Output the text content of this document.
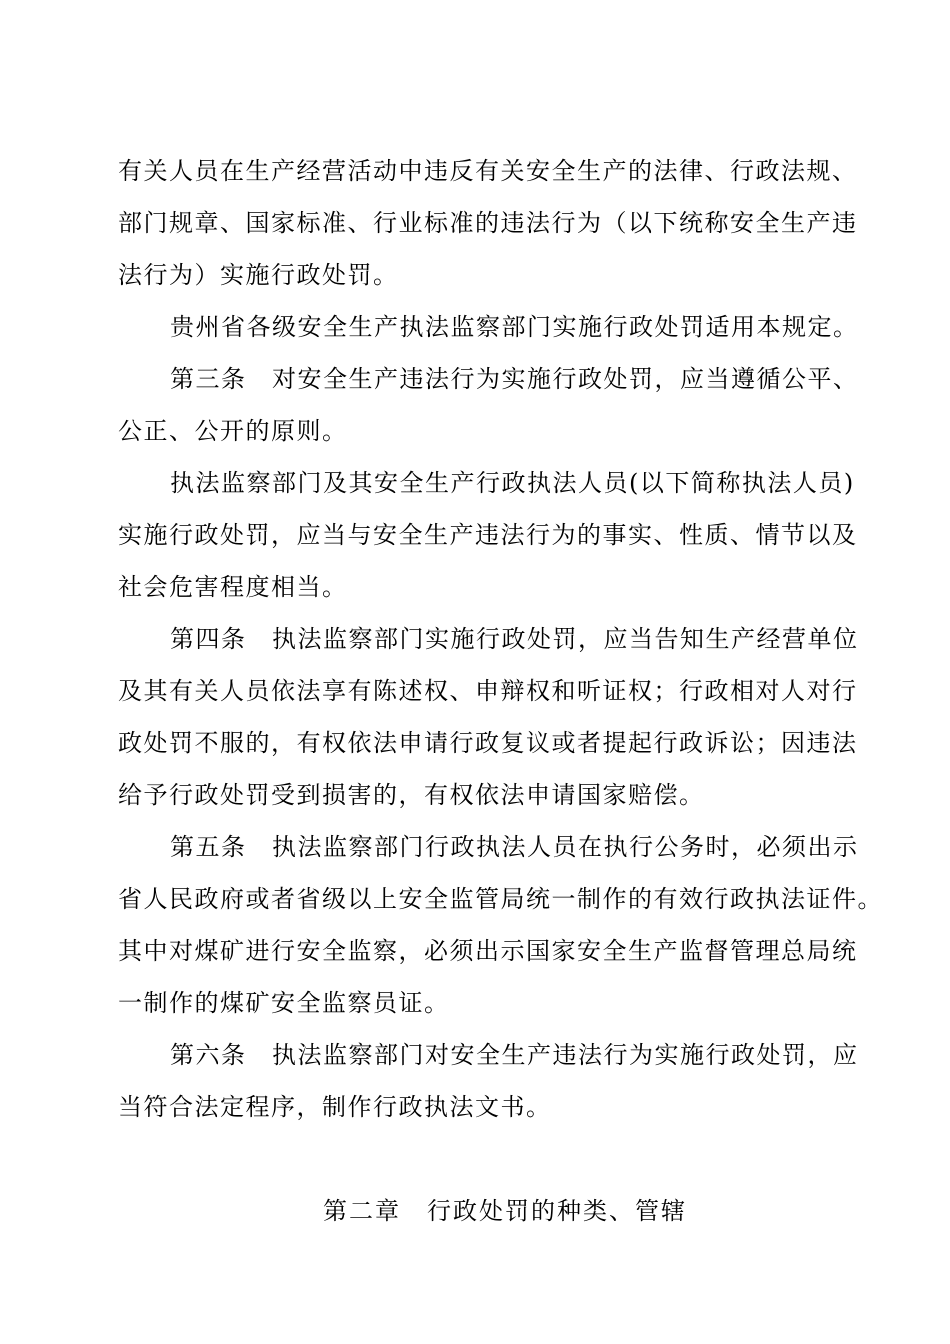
有关人员在生产经营活动中违反有关安全生产的法律、行政法规、
部门规章、国家标准、行业标准的违法行为（以下统称安全生产违
法行为）实施行政处罚。
贵州省各级安全生产执法监察部门实施行政处罚适用本规定。
第三条　对安全生产违法行为实施行政处罚，应当遵循公平、
公正、公开的原则。
执法监察部门及其安全生产行政执法人员(以下简称执法人员)
实施行政处罚，应当与安全生产违法行为的事实、性质、情节以及
社会危害程度相当。
第四条　执法监察部门实施行政处罚，应当告知生产经营单位
及其有关人员依法享有陈述权、申辩权和听证权；行政相对人对行
政处罚不服的，有权依法申请行政复议或者提起行政诉讼；因违法
给予行政处罚受到损害的，有权依法申请国家赔偿。
第五条　执法监察部门行政执法人员在执行公务时，必须出示
省人民政府或者省级以上安全监管局统一制作的有效行政执法证件。
其中对煤矿进行安全监察，必须出示国家安全生产监督管理总局统
一制作的煤矿安全监察员证。
第六条　执法监察部门对安全生产违法行为实施行政处罚，应
当符合法定程序，制作行政执法文书。
第二章　行政处罚的种类、管辖
